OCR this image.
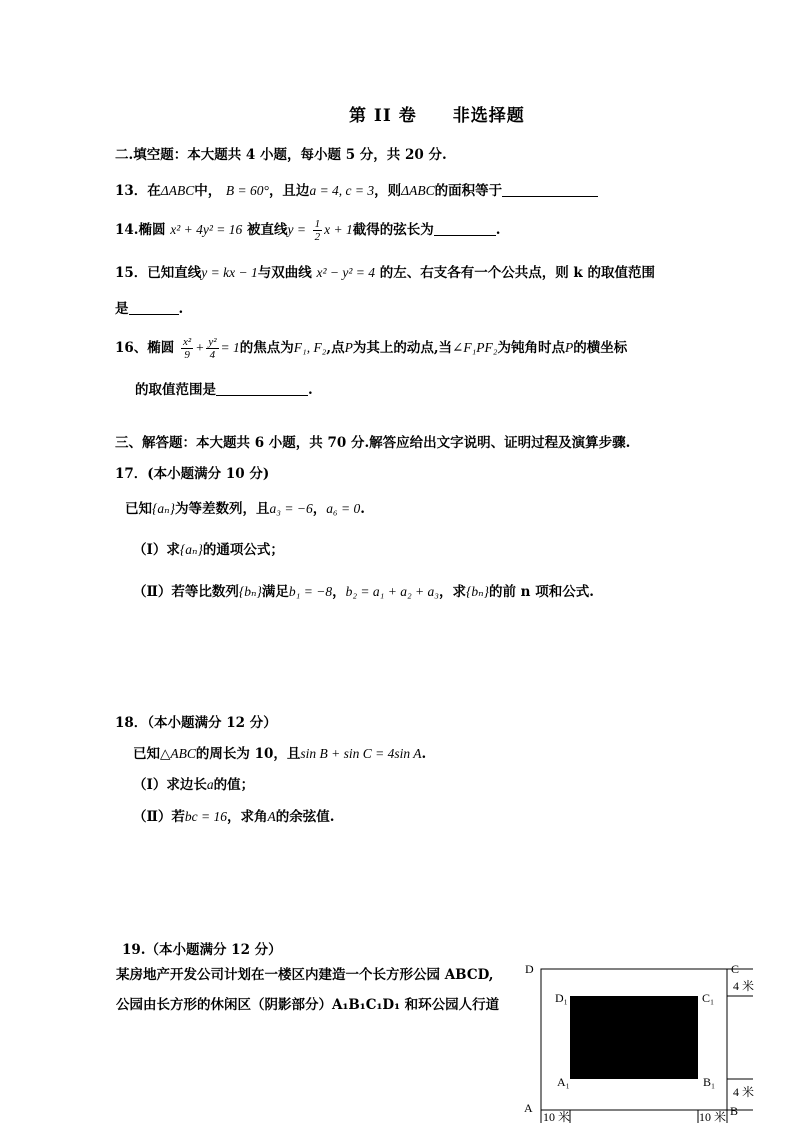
第 II 卷　　非选择题
二.填空题：本大题共 4 小题，每小题 5 分，共 20 分.
13．在ΔABC中， B = 60°，且边a = 4, c = 3，则ΔABC的面积等于
14.椭圆 x² + 4y² = 16 被直线$y = \frac{1}{2}$ x + 1截得的弦长为	.
15．已知直线y = kx − 1与双曲线 x² − y² = 4 的左、右支各有一个公共点，则 k 的取值范围
是	.
16、椭圆 $\frac{\text{x²}}{9} + \frac{\text{y²}}{4} = 1$的焦点为F₁, F₂,点P为其上的动点,当∠F₁PF₂为钝角时点P的横坐标
的取值范围是	.
三、解答题：本大题共 6 小题，共 70 分.解答应给出文字说明、证明过程及演算步骤.
17．(本小题满分 10 分)
已知{aₙ}为等差数列，且a₃ = −6，a₆ = 0.
（Ⅰ）求{aₙ}的通项公式；
（Ⅱ）若等比数列{bₙ}满足b₁ = −8，b₂ = a₁ + a₂ + a₃，求{bₙ}的前 n 项和公式.
18．（本小题满分 12 分）
已知△ABC的周长为 10，且sin B + sin C = 4sin A.
（Ⅰ）求边长a的值；
（Ⅱ）若bc = 16，求角A的余弦值.
19.（本小题满分 12 分）
某房地产开发公司计划在一楼区内建造一个长方形公园 ABCD,
公园由长方形的休闲区（阴影部分）A₁B₁C₁D₁ 和环公园人行道
D	C
A	B
D₁	C₁
A₁	B₁
4 米
4 米
10 米	10 米
